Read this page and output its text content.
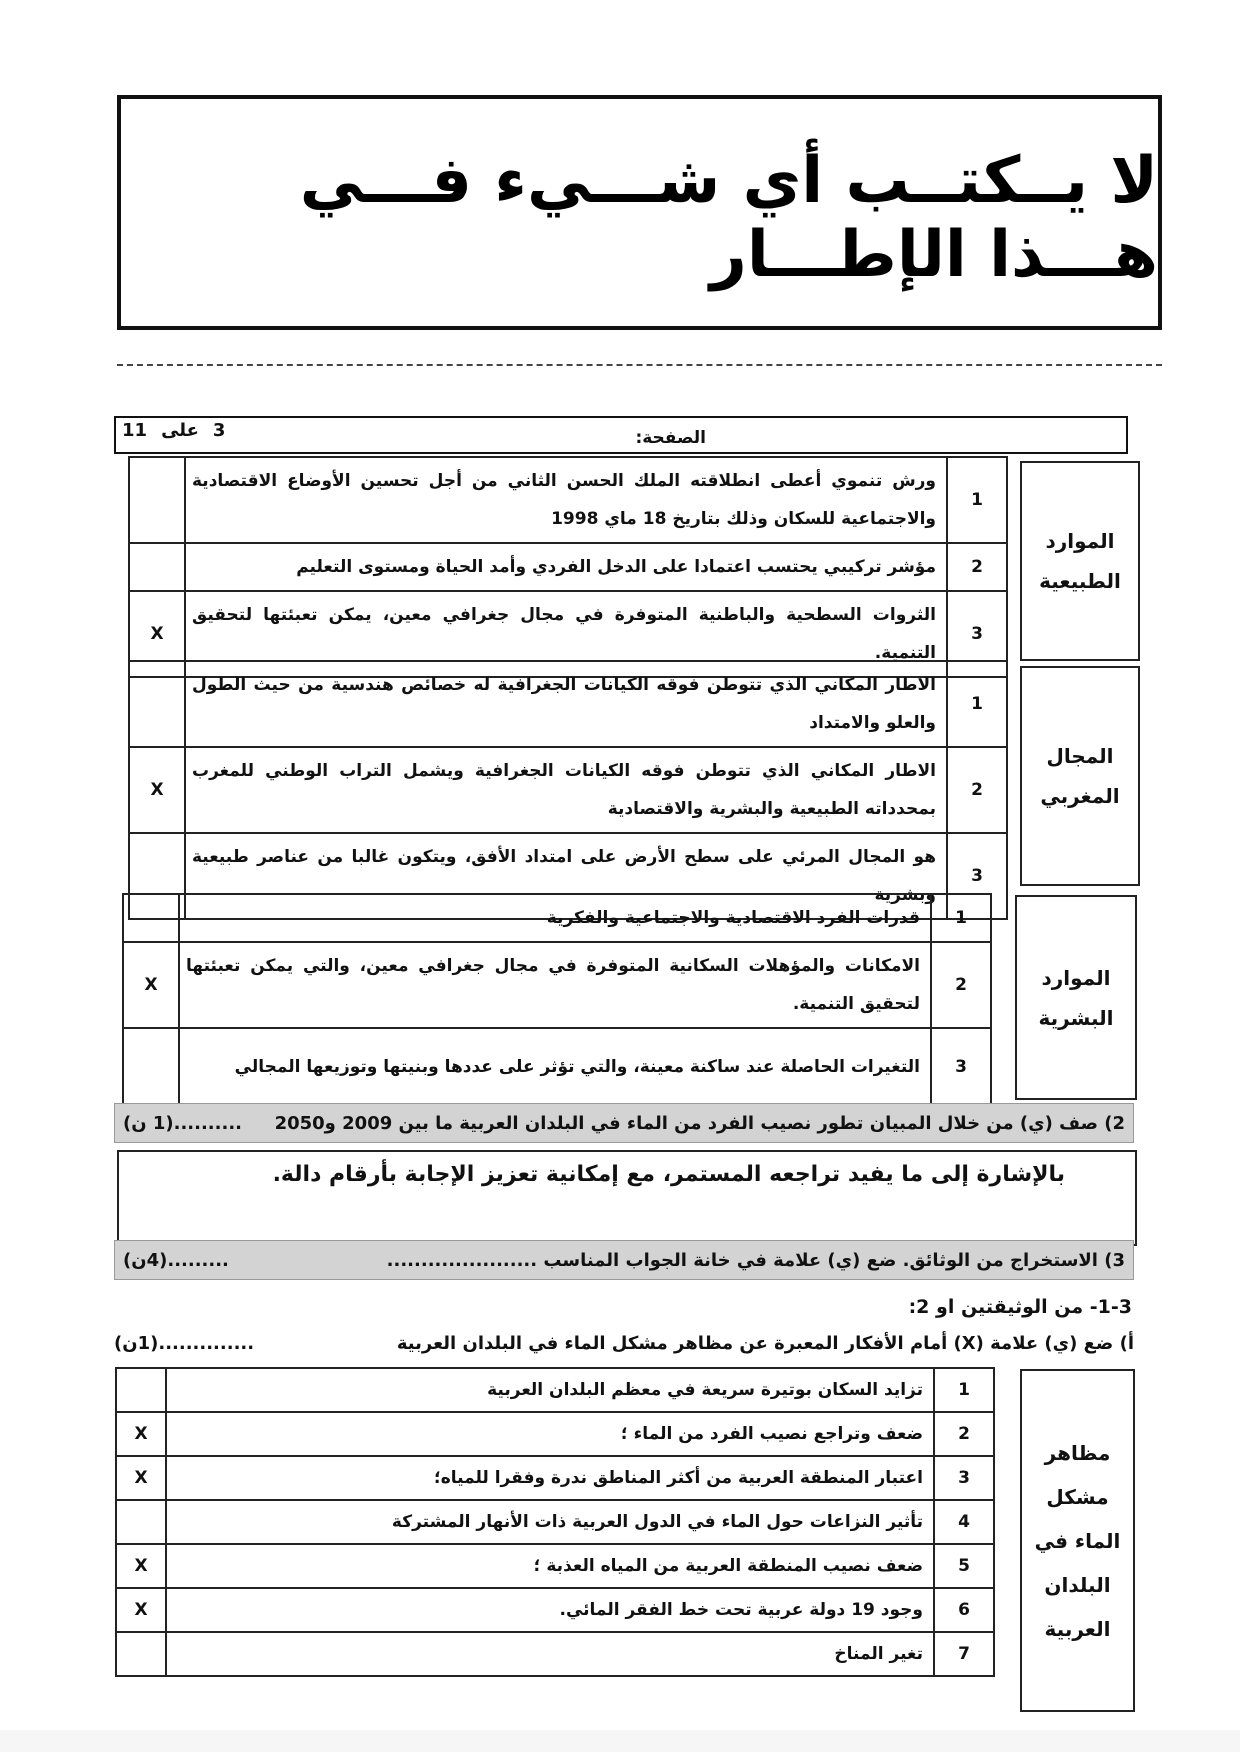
لا يــكتــب أي شـــيء فـــي هـــذا الإطـــار
الصفحة:
11 على 3
الموارد الطبيعية
1	ورش تنموي أعطى انطلاقته الملك الحسن الثاني من أجل تحسين الأوضاع الاقتصادية والاجتماعية للسكان وذلك بتاريخ 18 ماي 1998	
2	مؤشر تركيبي يحتسب اعتمادا على الدخل الفردي وأمد الحياة ومستوى التعليم	
3	الثروات السطحية والباطنية المتوفرة في مجال جغرافي معين، يمكن تعبئتها لتحقيق التنمية.	X
المجال المغربي
1	الاطار المكاني الذي تتوطن فوقه الكيانات الجغرافية له خصائص هندسية من حيث الطول والعلو والامتداد	
2	الاطار المكاني الذي تتوطن فوقه الكيانات الجغرافية ويشمل التراب الوطني للمغرب بمحدداته الطبيعية والبشرية والاقتصادية	X
3	هو المجال المرئي على سطح الأرض على امتداد الأفق، ويتكون غالبا من عناصر طبيعية وبشرية	
الموارد البشرية
1	قدرات الفرد الاقتصادية والاجتماعية والفكرية	
2	الامكانات والمؤهلات السكانية المتوفرة في مجال جغرافي معين، والتي يمكن تعبئتها لتحقيق التنمية.	X
3	التغيرات الحاصلة عند ساكنة معينة، والتي تؤثر على عددها وبنيتها وتوزيعها المجالي	
2) صف (ي) من خلال المبيان تطور نصيب الفرد من الماء في البلدان العربية ما بين 2009 و2050
..........(1 ن)
بالإشارة إلى ما يفيد تراجعه المستمر، مع إمكانية تعزيز الإجابة بأرقام دالة.
3) الاستخراج من الوثائق. ضع (ي) علامة في خانة الجواب المناسب ......................
.........(4ن)
1-3- من الوثيقتين او 2:
أ) ضع (ي) علامة (X) أمام الأفكار المعبرة عن مظاهر مشكل الماء في البلدان العربية
..............(1ن)
مظاهر مشكل الماء في البلدان العربية
1	تزايد السكان بوتيرة سريعة في معظم البلدان العربية	
2	ضعف وتراجع نصيب الفرد من الماء ؛	X
3	اعتبار المنطقة العربية من أكثر المناطق ندرة وفقرا للمياه؛	X
4	تأثير النزاعات حول الماء في الدول العربية ذات الأنهار المشتركة	
5	ضعف نصيب المنطقة العربية من المياه العذبة ؛	X
6	وجود 19 دولة عربية تحت خط الفقر المائي.	X
7	تغير المناخ	
